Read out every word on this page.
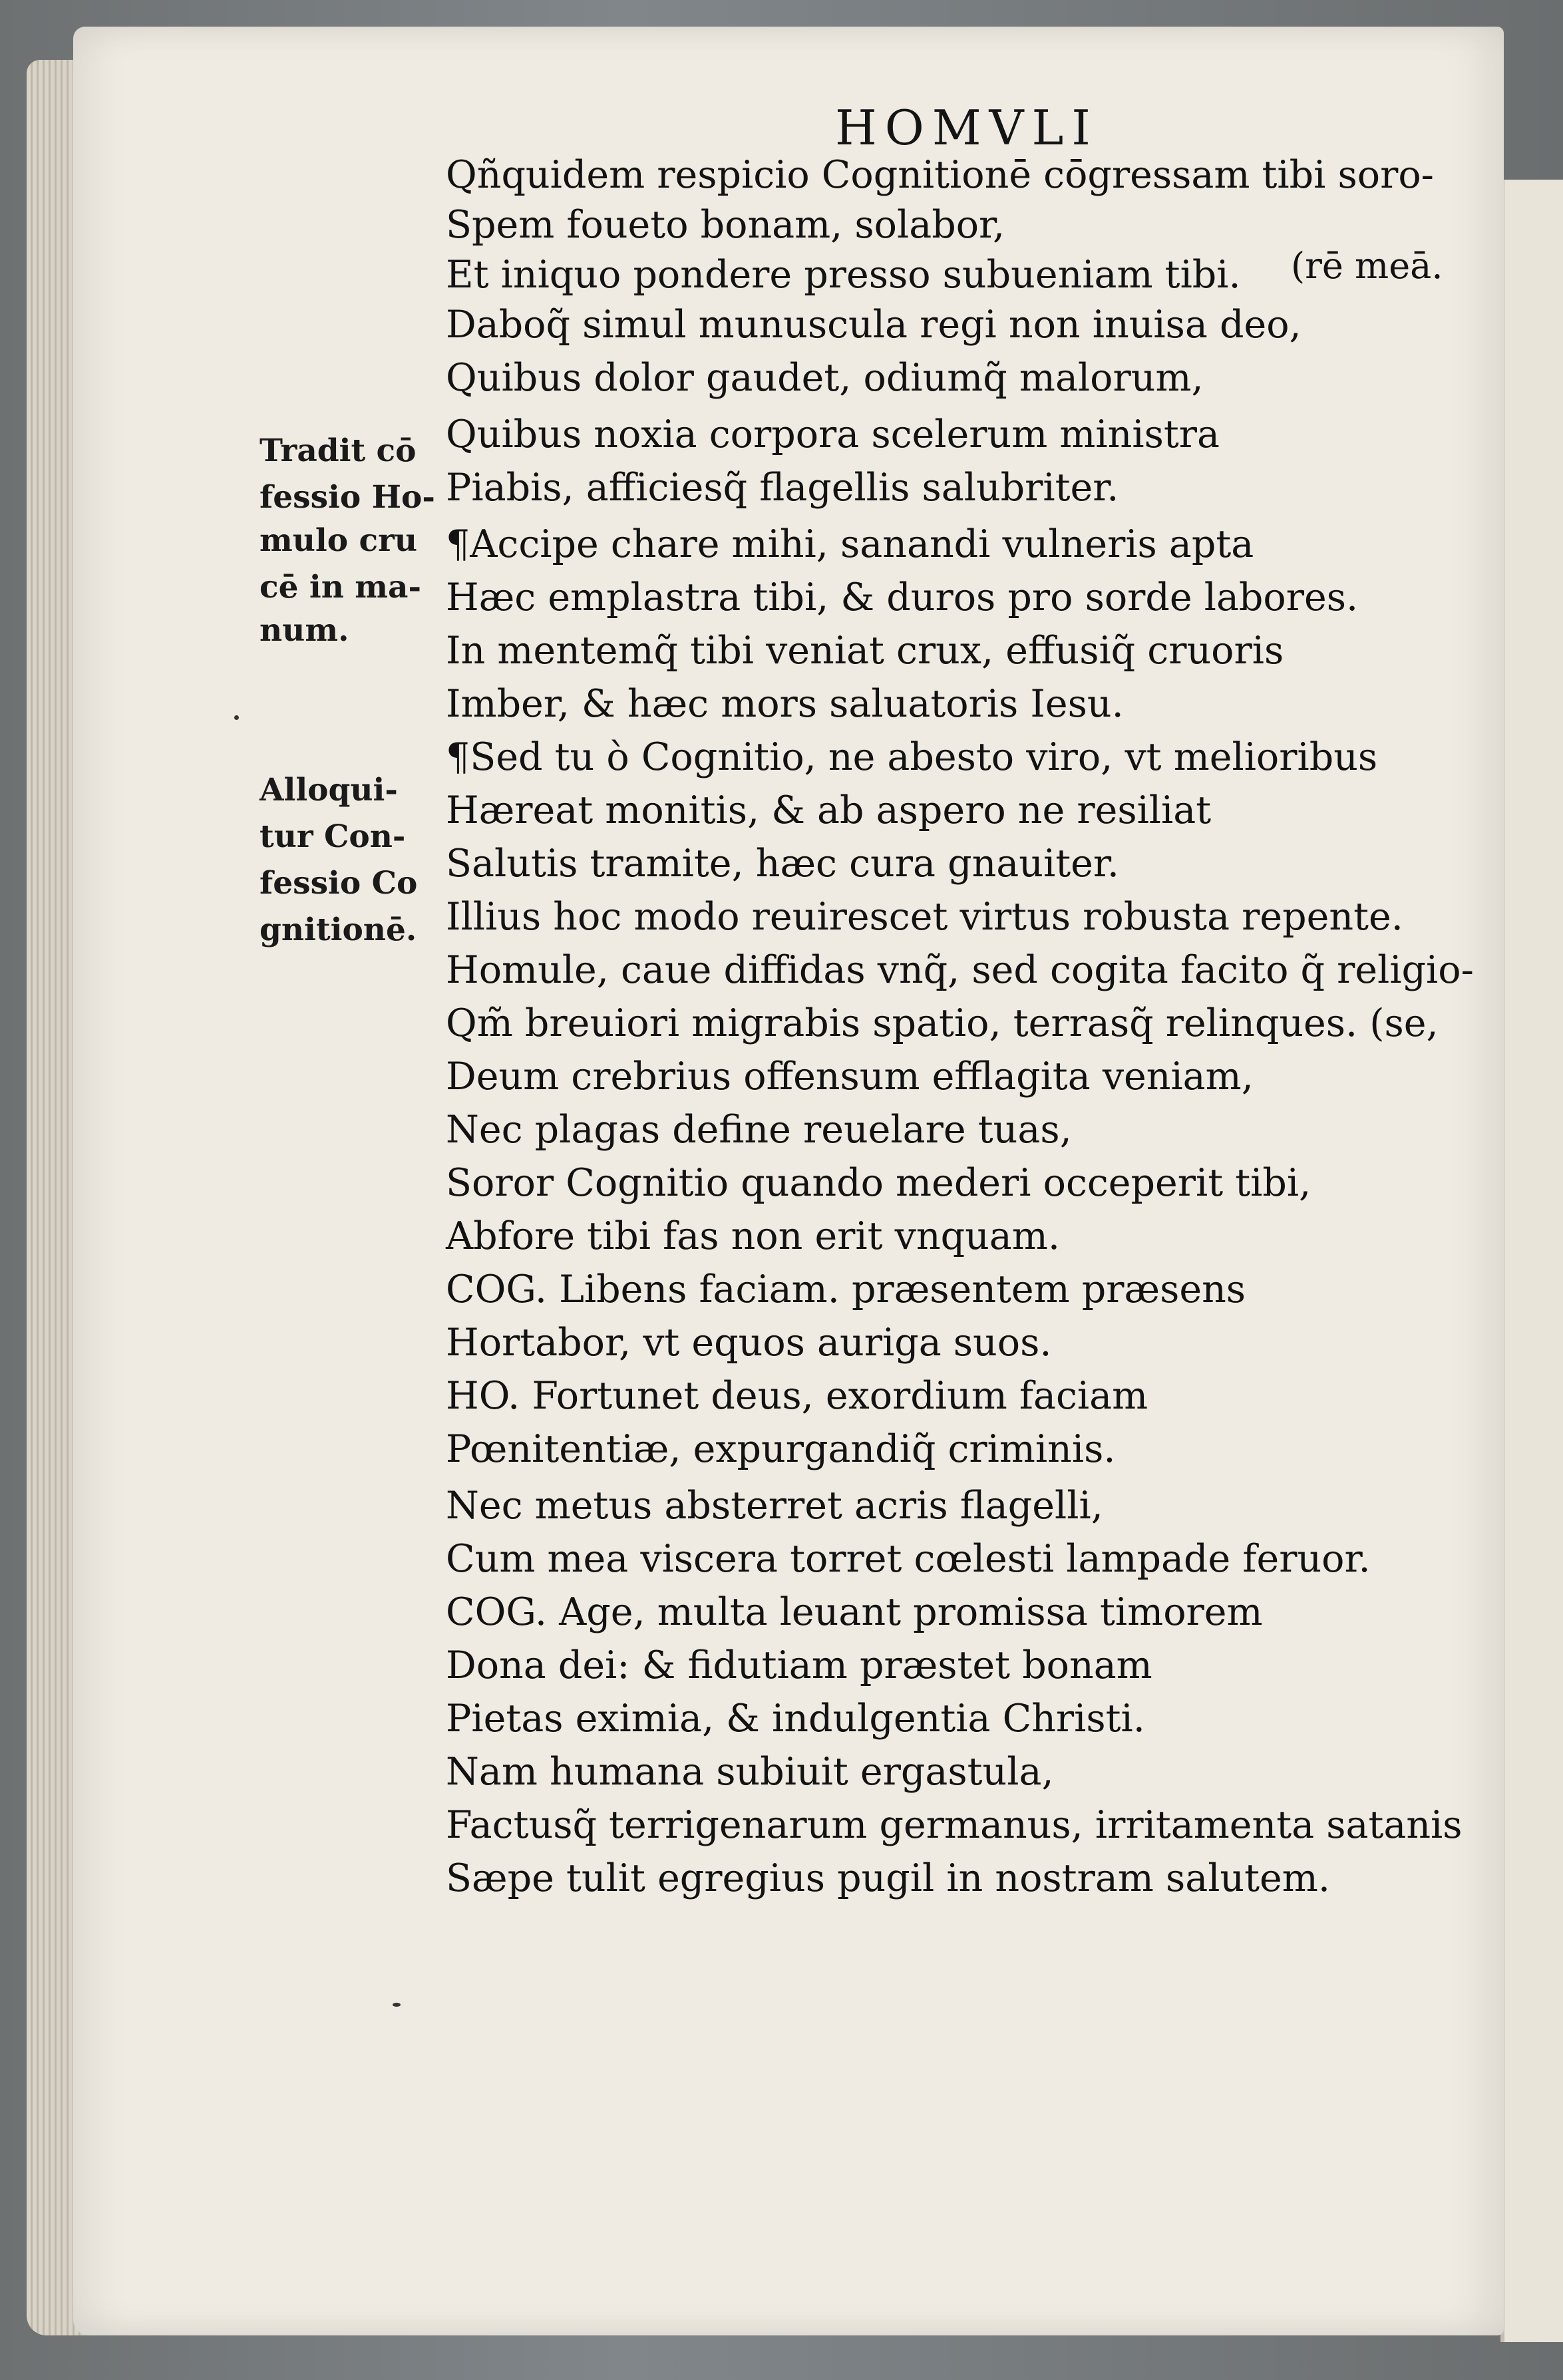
HOMVLI
(rē meā.
Qñquidem respicio Cognitionē cōgressam tibi soro-
Spem foueto bonam, solabor,
Et iniquo pondere presso subueniam tibi.
Daboq̃ simul munuscula regi non inuisa deo,
Quibus dolor gaudet, odiumq̃ malorum,
Quibus noxia corpora scelerum ministra
Piabis, afficiesq̃ flagellis salubriter.
¶Accipe chare mihi, sanandi vulneris apta
Hæc emplastra tibi, & duros pro sorde labores.
In mentemq̃ tibi veniat crux, effusiq̃ cruoris
Imber, & hæc mors saluatoris Iesu.
¶Sed tu ò Cognitio, ne abesto viro, vt melioribus
Hæreat monitis, & ab aspero ne resiliat
Salutis tramite, hæc cura gnauiter.
Illius hoc modo reuirescet virtus robusta repente.
Homule, caue diffidas vnq̃, sed cogita facito q̃ religio-
Qm̃ breuiori migrabis spatio, terrasq̃ relinques. (se,
Deum crebrius offensum efflagita veniam,
Nec plagas define reuelare tuas,
Soror Cognitio quando mederi occeperit tibi,
Abfore tibi fas non erit vnquam.
COG. Libens faciam. præsentem præsens
Hortabor, vt equos auriga suos.
HO. Fortunet deus, exordium faciam
Pœnitentiæ, expurgandiq̃ criminis.
Nec metus absterret acris flagelli,
Cum mea viscera torret cœlesti lampade feruor.
COG. Age, multa leuant promissa timorem
Dona dei: & fidutiam præstet bonam
Pietas eximia, & indulgentia Christi.
Nam humana subiuit ergastula,
Factusq̃ terrigenarum germanus, irritamenta satanis
Sæpe tulit egregius pugil in nostram salutem.
Tradit cō
fessio Ho-
mulo cru
cē in ma-
num.
Alloqui-
tur Con-
fessio Co
gnitionē.
